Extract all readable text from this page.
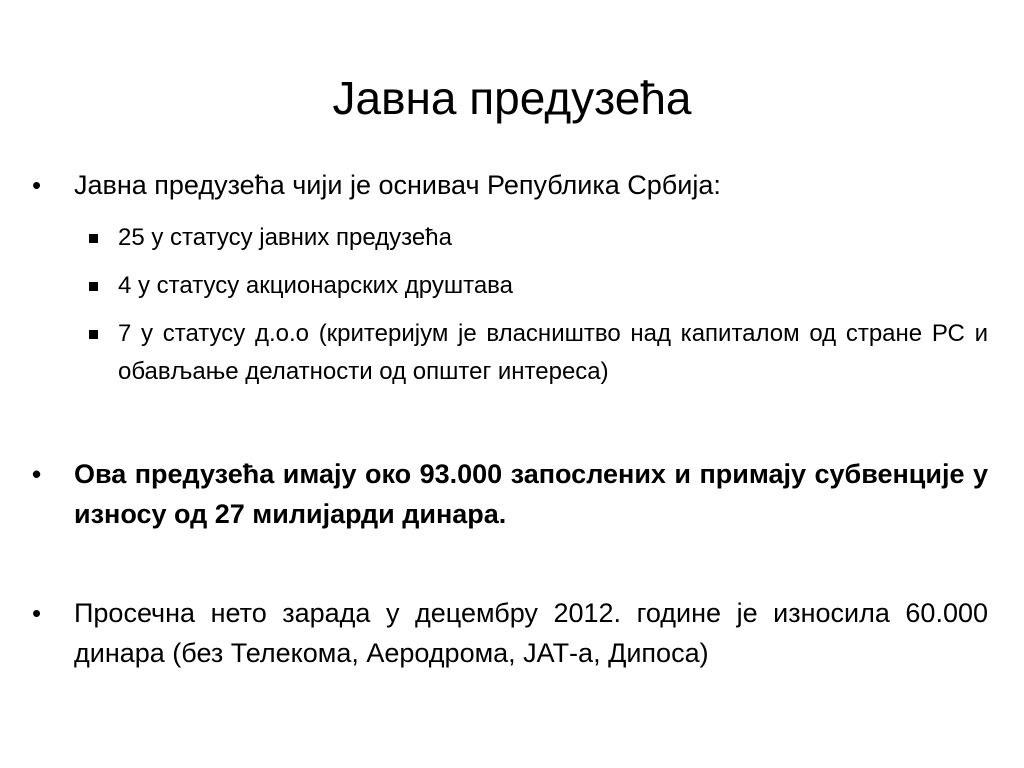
Јавна предузећа
• Јавна предузећа чији је оснивач Република Србија:
25 у статусу јавних предузећа
4 у статусу акционарских друштава
7 у статусу д.о.о (критеријум је власништво над капиталом од стране РС и обављање делатности од општег интереса)
• Ова предузећа имају око 93.000 запослених и примају субвенције у износу од 27 милијарди динара.
• Просечна нето зарада у децембру 2012. године је износила 60.000 динара (без Телекома, Аеродрома, ЈАТ-а, Дипоса)
